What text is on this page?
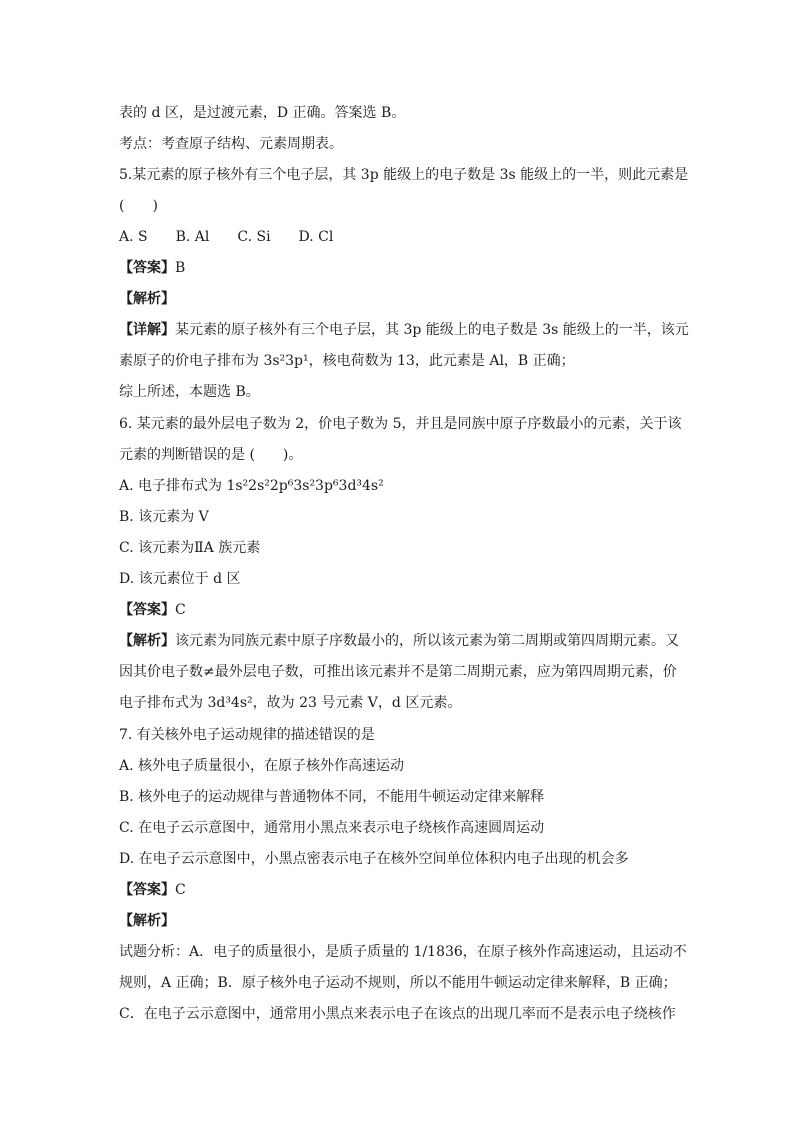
表的 d 区，是过渡元素，D 正确。答案选 B。
考点：考查原子结构、元素周期表。
5.某元素的原子核外有三个电子层，其 3p 能级上的电子数是 3s 能级上的一半，则此元素是
(　　)
A. S　　B. Al　　C. Si　　D. Cl
【答案】B
【解析】
【详解】某元素的原子核外有三个电子层，其 3p 能级上的电子数是 3s 能级上的一半，该元
素原子的价电子排布为 3s²3p¹，核电荷数为 13，此元素是 Al，B 正确；
综上所述，本题选 B。
6. 某元素的最外层电子数为 2，价电子数为 5，并且是同族中原子序数最小的元素，关于该
元素的判断错误的是 (　　)。
A. 电子排布式为 1s²2s²2p⁶3s²3p⁶3d³4s²
B. 该元素为 V
C. 该元素为ⅡA 族元素
D. 该元素位于 d 区
【答案】C
【解析】该元素为同族元素中原子序数最小的，所以该元素为第二周期或第四周期元素。又
因其价电子数≠最外层电子数，可推出该元素并不是第二周期元素，应为第四周期元素，价
电子排布式为 3d³4s²，故为 23 号元素 V，d 区元素。
7. 有关核外电子运动规律的描述错误的是
A. 核外电子质量很小，在原子核外作高速运动
B. 核外电子的运动规律与普通物体不同，不能用牛顿运动定律来解释
C. 在电子云示意图中，通常用小黑点来表示电子绕核作高速圆周运动
D. 在电子云示意图中，小黑点密表示电子在核外空间单位体积内电子出现的机会多
【答案】C
【解析】
试题分析：A．电子的质量很小，是质子质量的 1/1836，在原子核外作高速运动，且运动不
规则，A 正确；B．原子核外电子运动不规则，所以不能用牛顿运动定律来解释，B 正确；
C．在电子云示意图中，通常用小黑点来表示电子在该点的出现几率而不是表示电子绕核作
